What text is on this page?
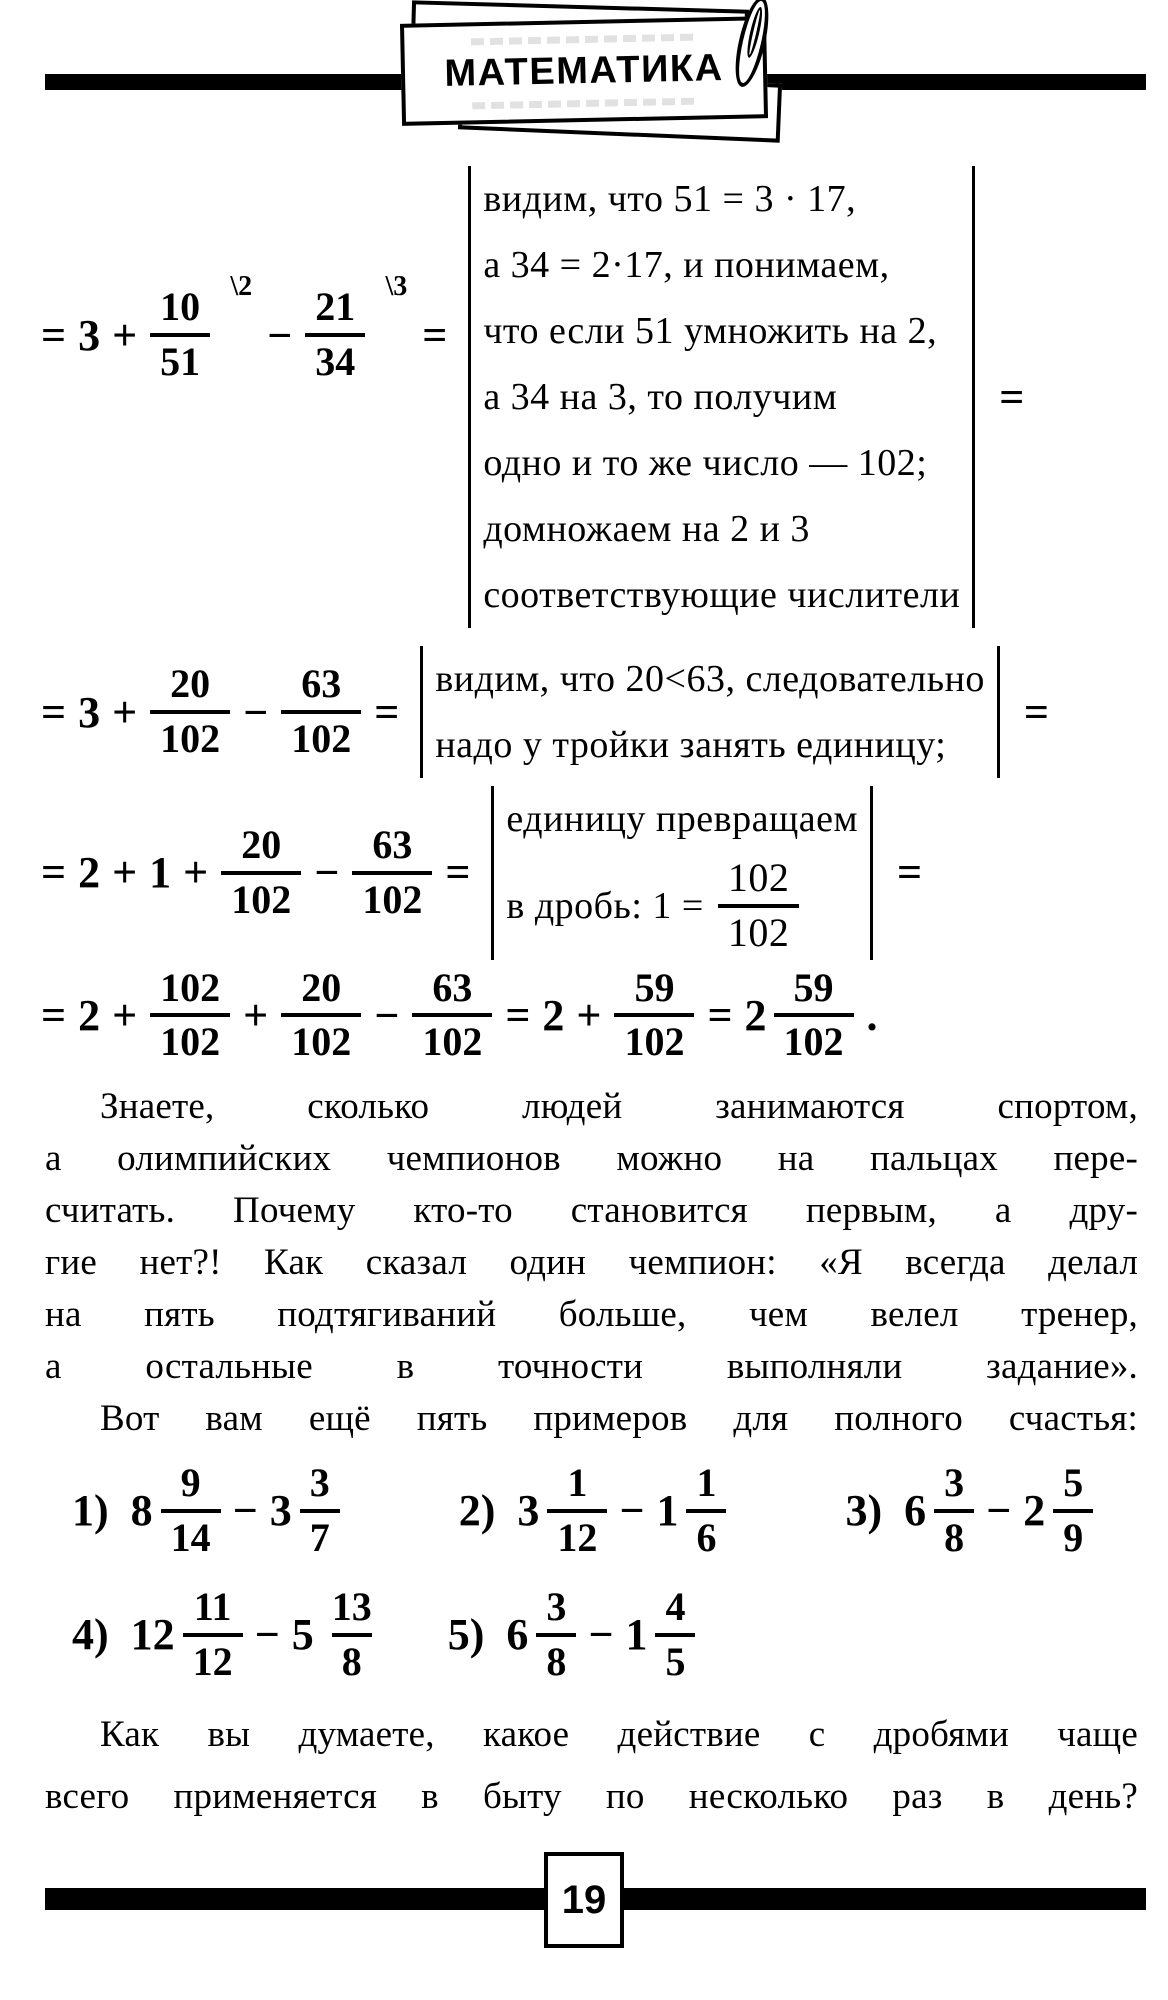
МАТЕМАТИКА
= $3 + \frac{10}{51}$ \2
− $\frac{21}{34}$ \3
=
видим, что 51 = 3 · 17,
а 34 = 2·17, и понимаем,
что если 51 умножить на 2,
а 34 на 3, то получим
одно и то же число — 102;
домножаем на 2 и 3
соответствующие числители
=
= $3 + \frac{20}{102} - \frac{63}{102}$ =
видим, что 20<63, следовательно
надо у тройки занять единицу;
=
= $2 + 1 + \frac{20}{102} - \frac{63}{102}$ =
единицу превращаем
в дробь: $1 = \frac{102}{102}$ =
= $2 + \frac{102}{102} + \frac{20}{102} - \frac{63}{102} = 2 + \frac{59}{102} = 2 \frac{59}{102}$ .
Знаете, сколько людей занимаются спортом,
а олимпийских чемпионов можно на пальцах пере-
считать. Почему кто-то становится первым, а дру-
гие нет?! Как сказал один чемпион: «Я всегда делал
на пять подтягиваний больше, чем велел тренер,
а остальные в точности выполняли задание».
Вот вам ещё пять примеров для полного счастья:
1) $8 \frac{9}{14} - 3 \frac{3}{7}$	2) $3 \frac{1}{12} - 1 \frac{1}{6}$	3) $6 \frac{3}{8} - 2 \frac{5}{9}$
4) $12 \frac{11}{12} - 5 \frac{13}{8} 5$) $6 \frac{3}{8} - 1 \frac{4}{5}$
Как вы думаете, какое действие с дробями чаще
всего применяется в быту по несколько раз в день?
19
